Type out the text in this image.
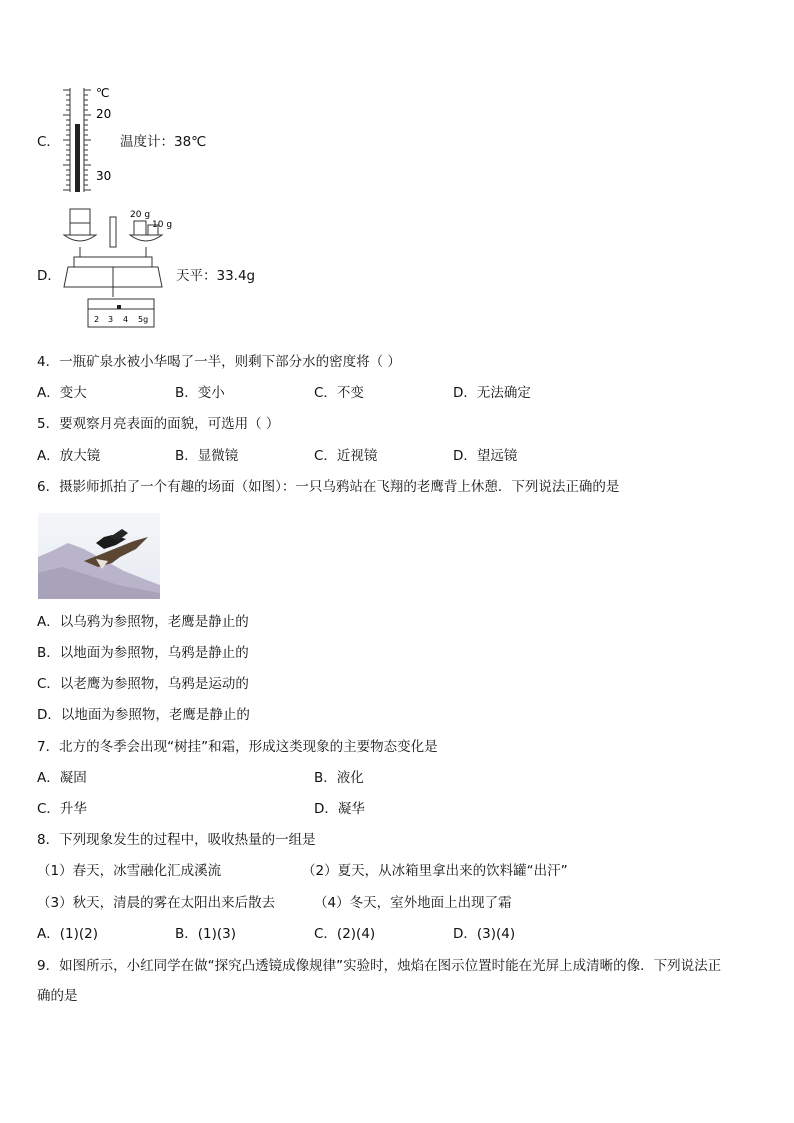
C．
℃
20
30
温度计：38℃
D．
20 g
10 g
2 3 4 5g
天平：33.4g
4．一瓶矿泉水被小华喝了一半，则剩下部分水的密度将（ ）
A．变大	B．变小	C．不变	D．无法确定
5．要观察月亮表面的面貌，可选用（ ）
A．放大镜	B．显微镜	C．近视镜	D．望远镜
6．摄影师抓拍了一个有趣的场面（如图）：一只乌鸦站在飞翔的老鹰背上休憩．下列说法正确的是
A．以乌鸦为参照物，老鹰是静止的
B．以地面为参照物，乌鸦是静止的
C．以老鹰为参照物，乌鸦是运动的
D．以地面为参照物，老鹰是静止的
7．北方的冬季会出现“树挂”和霜，形成这类现象的主要物态变化是
A．凝固	B．液化
C．升华	D．凝华
8．下列现象发生的过程中，吸收热量的一组是
（1）春天，冰雪融化汇成溪流	（2）夏天，从冰箱里拿出来的饮料罐“出汗”
（3）秋天，清晨的雾在太阳出来后散去	（4）冬天，室外地面上出现了霜
A．(1)(2)	B．(1)(3)	C．(2)(4)	D．(3)(4)
9．如图所示，小红同学在做“探究凸透镜成像规律”实验时，烛焰在图示位置时能在光屏上成清晰的像．下列说法正
确的是
